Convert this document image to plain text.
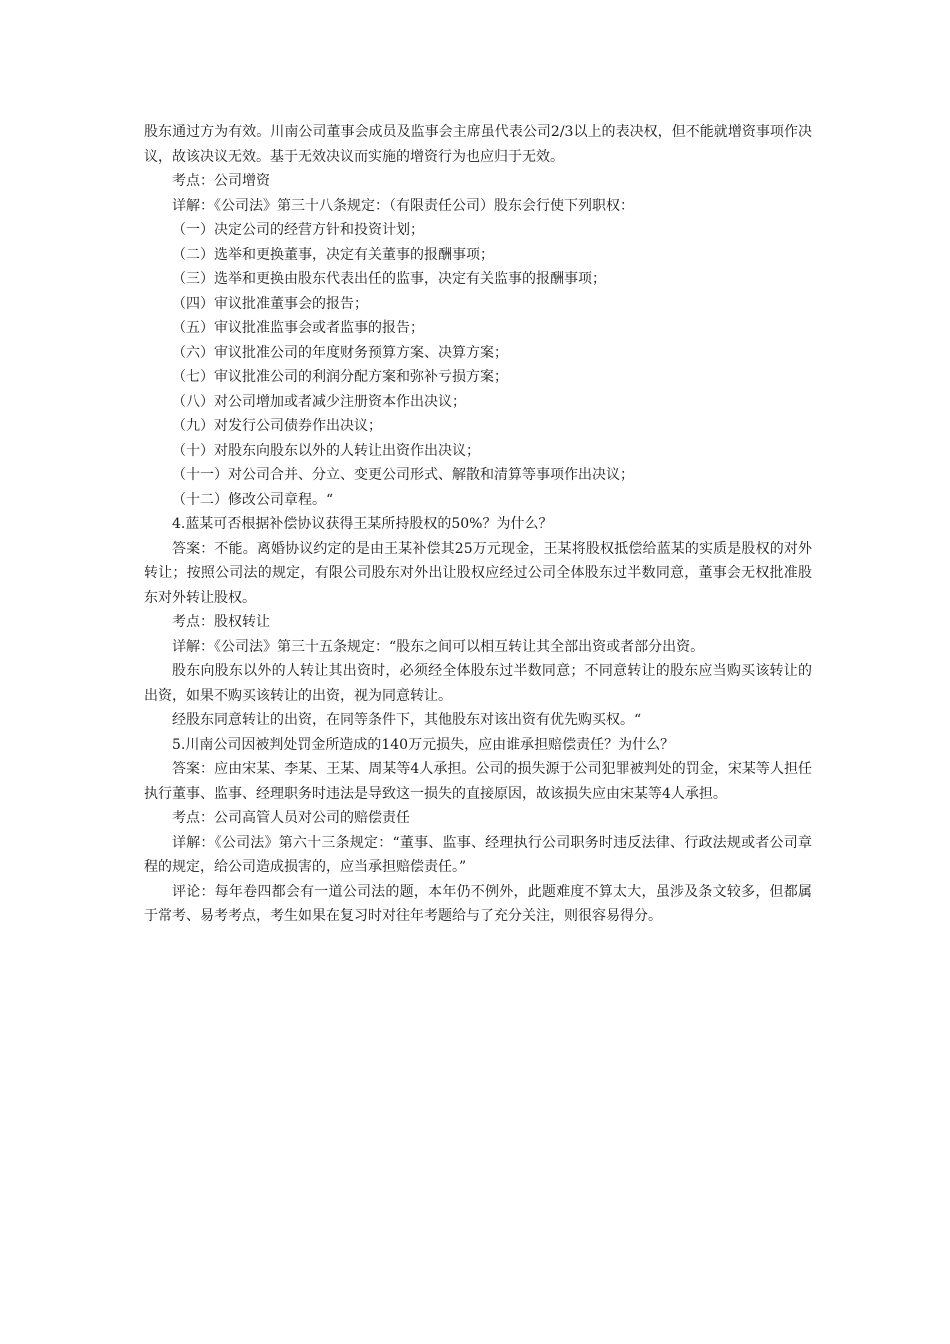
股东通过方为有效。川南公司董事会成员及监事会主席虽代表公司2/3以上的表决权，但不能就增资事项作决议，故该决议无效。基于无效决议而实施的增资行为也应归于无效。

考点：公司增资

详解：《公司法》第三十八条规定：（有限责任公司）股东会行使下列职权：

（一）决定公司的经营方针和投资计划；

（二）选举和更换董事，决定有关董事的报酬事项；

（三）选举和更换由股东代表出任的监事，决定有关监事的报酬事项；

（四）审议批准董事会的报告；

（五）审议批准监事会或者监事的报告；

（六）审议批准公司的年度财务预算方案、决算方案；

（七）审议批准公司的利润分配方案和弥补亏损方案；

（八）对公司增加或者减少注册资本作出决议；

（九）对发行公司债券作出决议；

（十）对股东向股东以外的人转让出资作出决议；

（十一）对公司合并、分立、变更公司形式、解散和清算等事项作出决议；

（十二）修改公司章程。“

4.蓝某可否根据补偿协议获得王某所持股权的50%？为什么？

答案：不能。离婚协议约定的是由王某补偿其25万元现金，王某将股权抵偿给蓝某的实质是股权的对外转让；按照公司法的规定，有限公司股东对外出让股权应经过公司全体股东过半数同意，董事会无权批准股东对外转让股权。

考点：股权转让

详解：《公司法》第三十五条规定：“股东之间可以相互转让其全部出资或者部分出资。

股东向股东以外的人转让其出资时，必须经全体股东过半数同意；不同意转让的股东应当购买该转让的出资，如果不购买该转让的出资，视为同意转让。

经股东同意转让的出资，在同等条件下，其他股东对该出资有优先购买权。“

5.川南公司因被判处罚金所造成的140万元损失，应由谁承担赔偿责任？为什么？

答案：应由宋某、李某、王某、周某等4人承担。公司的损失源于公司犯罪被判处的罚金，宋某等人担任执行董事、监事、经理职务时违法是导致这一损失的直接原因，故该损失应由宋某等4人承担。

考点：公司高管人员对公司的赔偿责任

详解：《公司法》第六十三条规定：“董事、监事、经理执行公司职务时违反法律、行政法规或者公司章程的规定，给公司造成损害的，应当承担赔偿责任。”

评论：每年卷四都会有一道公司法的题，本年仍不例外，此题难度不算太大，虽涉及条文较多，但都属于常考、易考考点，考生如果在复习时对往年考题给与了充分关注，则很容易得分。
